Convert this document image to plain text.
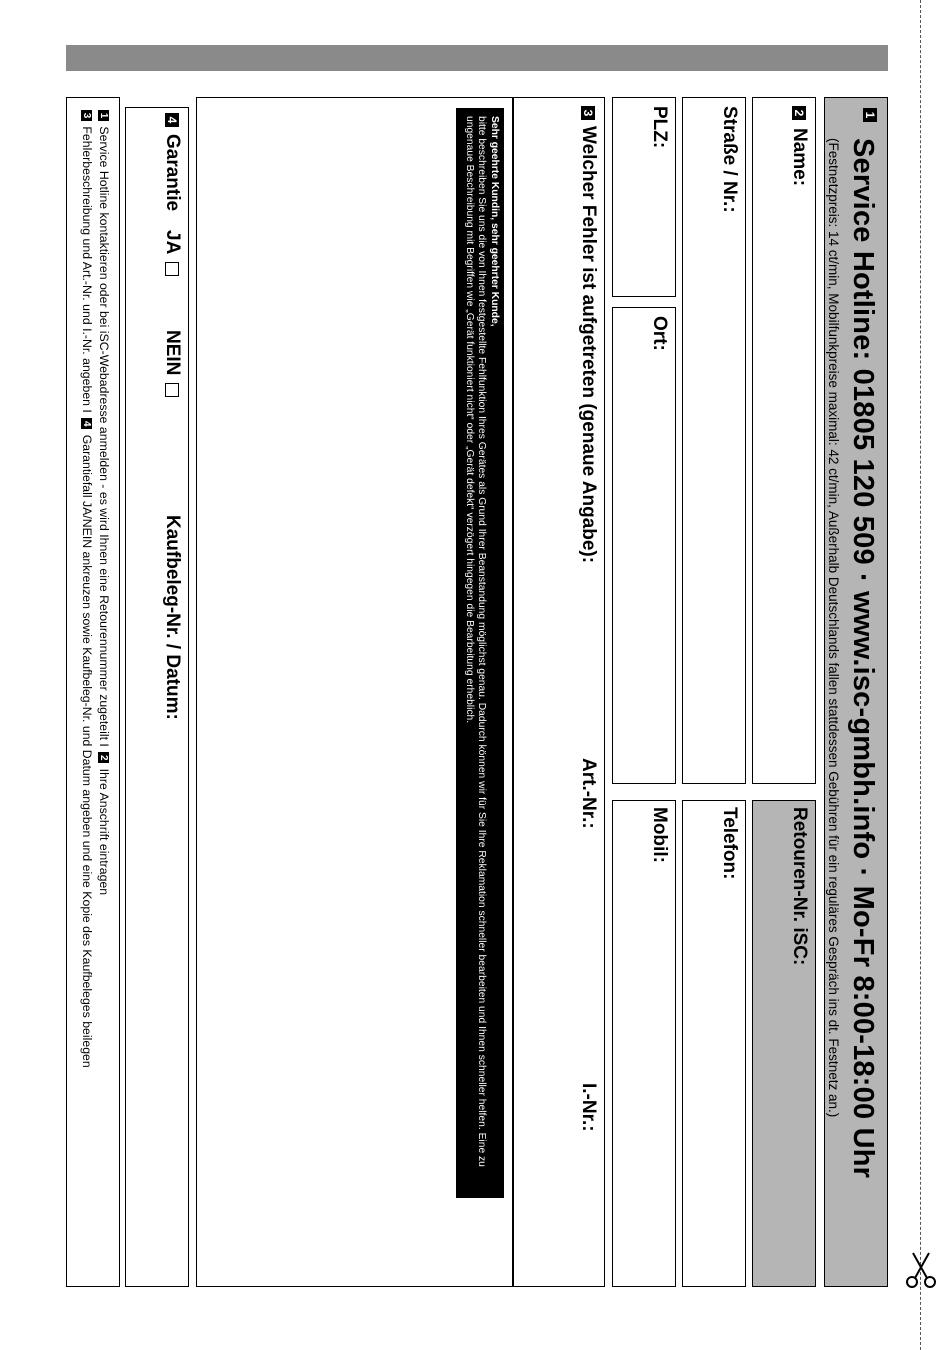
1
Service Hotline: 01805 120 509 · www.isc-gmbh.info · Mo-Fr 8:00-18:00 Uhr
(Festnetzpreis: 14 ct/min, Mobilfunkpreise maximal: 42 ct/min, Außerhalb Deutschlands fallen stattdessen Gebühren für ein reguläres Gespräch ins dt. Festnetz an.)
2
Name:
Retouren-Nr. iSC:
Straße / Nr.:
Telefon:
PLZ:
Ort:
Mobil:
3
Welcher Fehler ist aufgetreten (genaue Angabe):
Art.-Nr.:
I.-Nr.:
Sehr geehrte Kundin, sehr geehrter Kunde,
bitte beschreiben Sie uns die von Ihnen festgestellte Fehlfunktion Ihres Gerätes als Grund Ihrer Beanstandung möglichst genau. Dadurch können wir für Sie Ihre Reklamation schneller bearbeiten und Ihnen schneller helfen. Eine zu ungenaue Beschreibung mit Begriffen wie „Gerät funktioniert nicht“ oder „Gerät defekt“ verzögert hingegen die Bearbeitung erheblich.
4
Garantie
JA
NEIN
Kaufbeleg-Nr. / Datum:
1 Service Hotline kontaktieren oder bei iSC-Webadresse anmelden - es wird Ihnen eine Retourennummer zugeteilt I 2 Ihre Anschrift eintragen
3 Fehlerbeschreibung und Art.-Nr. und I.-Nr. angeben I 4 Garantiefall JA/NEIN ankreuzen sowie Kaufbeleg-Nr. und Datum angeben und eine Kopie des Kaufbeleges beilegen
